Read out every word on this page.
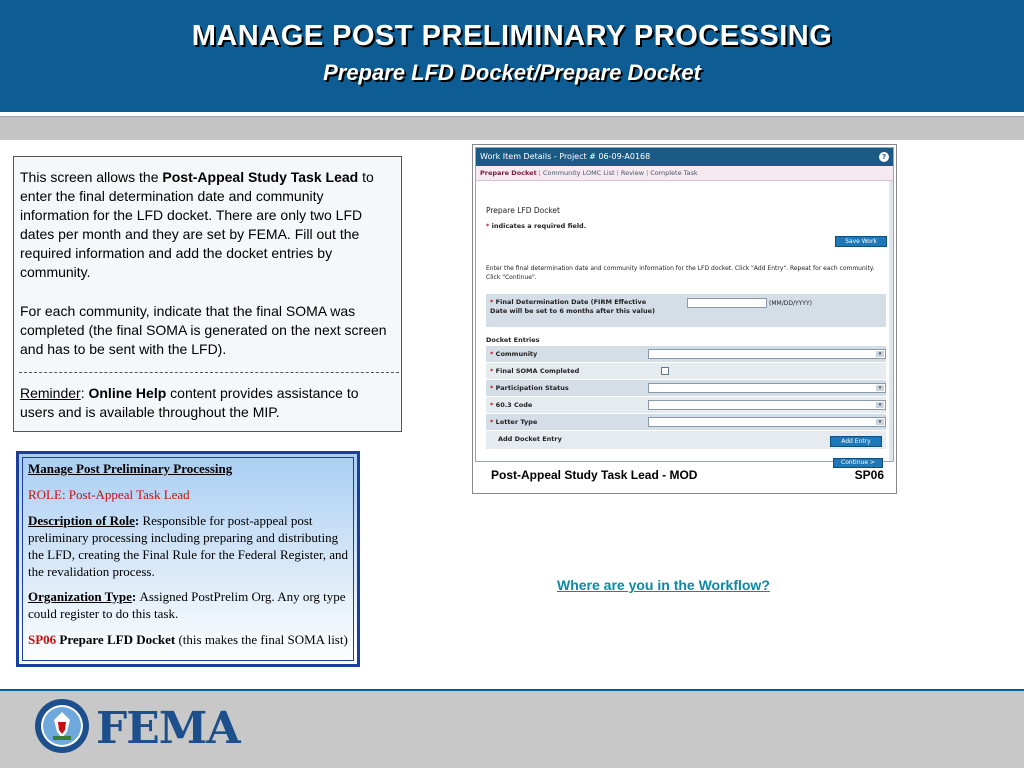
MANAGE POST PRELIMINARY PROCESSING
Prepare LFD Docket/Prepare Docket
This screen allows the Post-Appeal Study Task Lead to enter the final determination date and community information for the LFD docket. There are only two LFD dates per month and they are set by FEMA. Fill out the required information and add the docket entries by community.
For each community, indicate that the final SOMA was completed (the final SOMA is generated on the next screen and has to be sent with the LFD).
Reminder: Online Help content provides assistance to users and is available throughout the MIP.
Manage Post Preliminary Processing
ROLE: Post-Appeal Task Lead
Description of Role: Responsible for post-appeal post preliminary processing including preparing and distributing the LFD, creating the Final Rule for the Federal Register, and the revalidation process.
Organization Type: Assigned PostPrelim Org. Any org type could register to do this task.
SP06 Prepare LFD Docket (this makes the final SOMA list)
Work Item Details - Project # 06-09-A0168	?
Prepare Docket | Community LOMC List | Review | Complete Task
Prepare LFD Docket
* indicates a required field.
Save Work
Enter the final determination date and community information for the LFD docket. Click "Add Entry". Repeat for each community. Click "Continue".
* Final Determination Date (FIRM Effective Date will be set to 6 months after this value)
(MM/DD/YYYY)
Docket Entries
* Community	▾
* Final SOMA Completed
* Participation Status	▾
* 60.3 Code	▾
* Letter Type	▾
Add Docket Entry	Add Entry
Continue >
Post-Appeal Study Task Lead - MOD	SP06
Where are you in the Workflow?
FEMA
